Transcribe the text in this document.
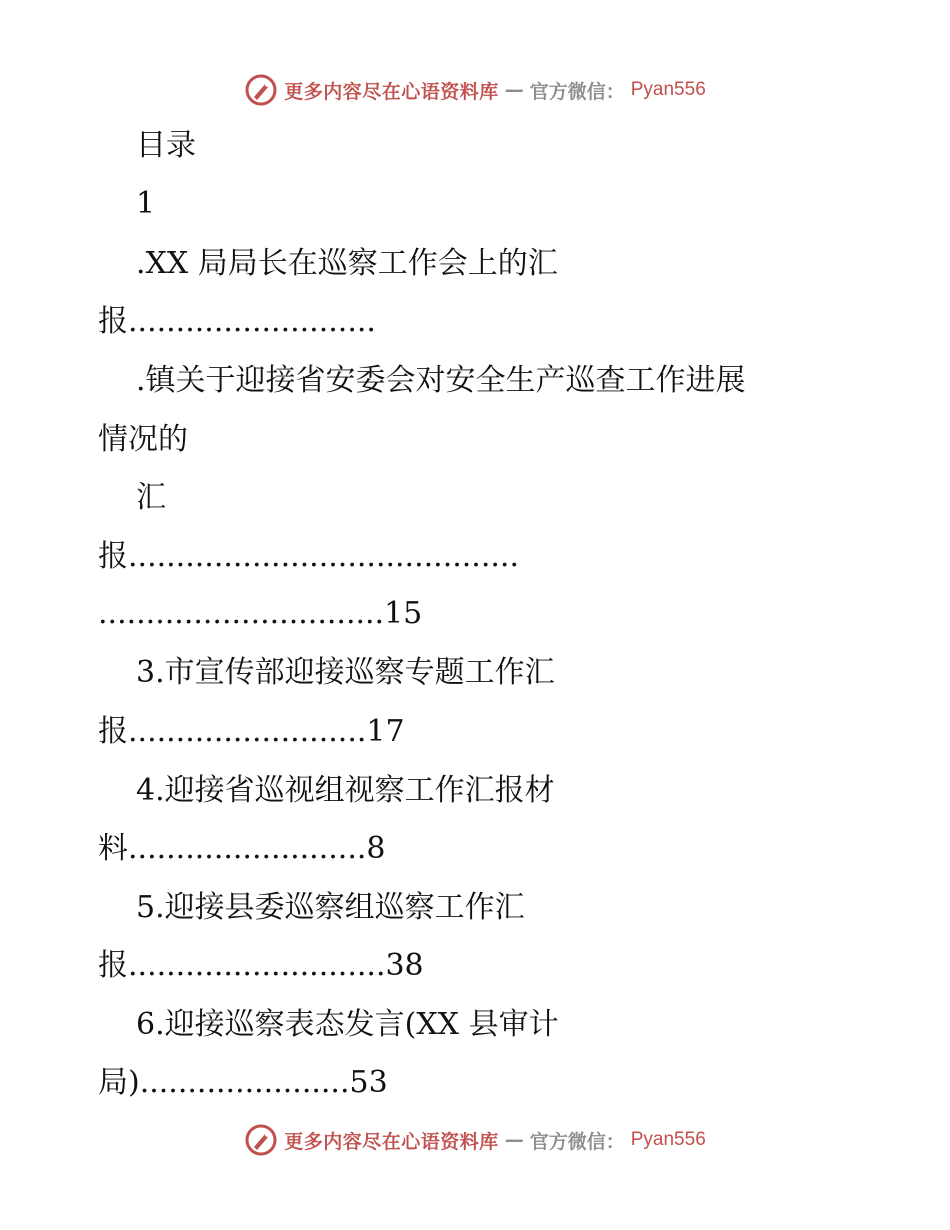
更多内容尽在心语资料库 — 官方微信： Pyan556
目录
1
.XX 局局长在巡察工作会上的汇
报..........................
.镇关于迎接省安委会对安全生产巡查工作进展
情况的
汇
报.........................................
..............................15
3.市宣传部迎接巡察专题工作汇
报.........................17
4.迎接省巡视组视察工作汇报材
料.........................8
5.迎接县委巡察组巡察工作汇
报...........................38
6.迎接巡察表态发言(XX 县审计
局)......................53
更多内容尽在心语资料库 — 官方微信： Pyan556
